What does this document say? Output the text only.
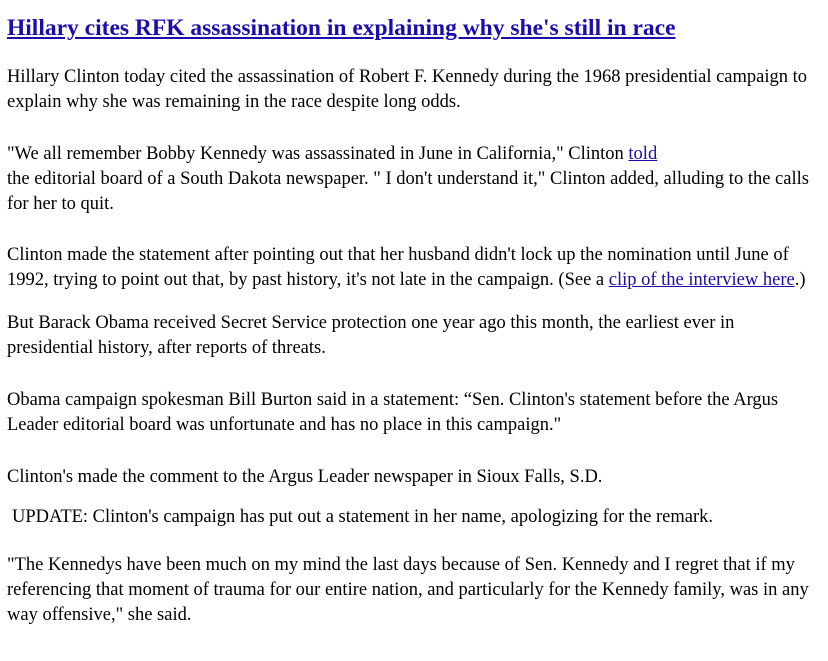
Hillary cites RFK assassination in explaining why she's still in race

Hillary Clinton today cited the assassination of Robert F. Kennedy during the 1968 presidential campaign to explain why she was remaining in the race despite long odds.

"We all remember Bobby Kennedy was assassinated in June in California," Clinton told
the editorial board of a South Dakota newspaper. " I don't understand it," Clinton added, alluding to the calls for her to quit.

Clinton made the statement after pointing out that her husband didn't lock up the nomination until June of 1992, trying to point out that, by past history, it's not late in the campaign. (See a clip of the interview here.)

But Barack Obama received Secret Service protection one year ago this month, the earliest ever in presidential history, after reports of threats.

Obama campaign spokesman Bill Burton said in a statement: “Sen. Clinton's statement before the Argus Leader editorial board was unfortunate and has no place in this campaign."

Clinton's made the comment to the Argus Leader newspaper in Sioux Falls, S.D.

UPDATE: Clinton's campaign has put out a statement in her name, apologizing for the remark.

"The Kennedys have been much on my mind the last days because of Sen. Kennedy and I regret that if my referencing that moment of trauma for our entire nation, and particularly for the Kennedy family, was in any way offensive," she said.
